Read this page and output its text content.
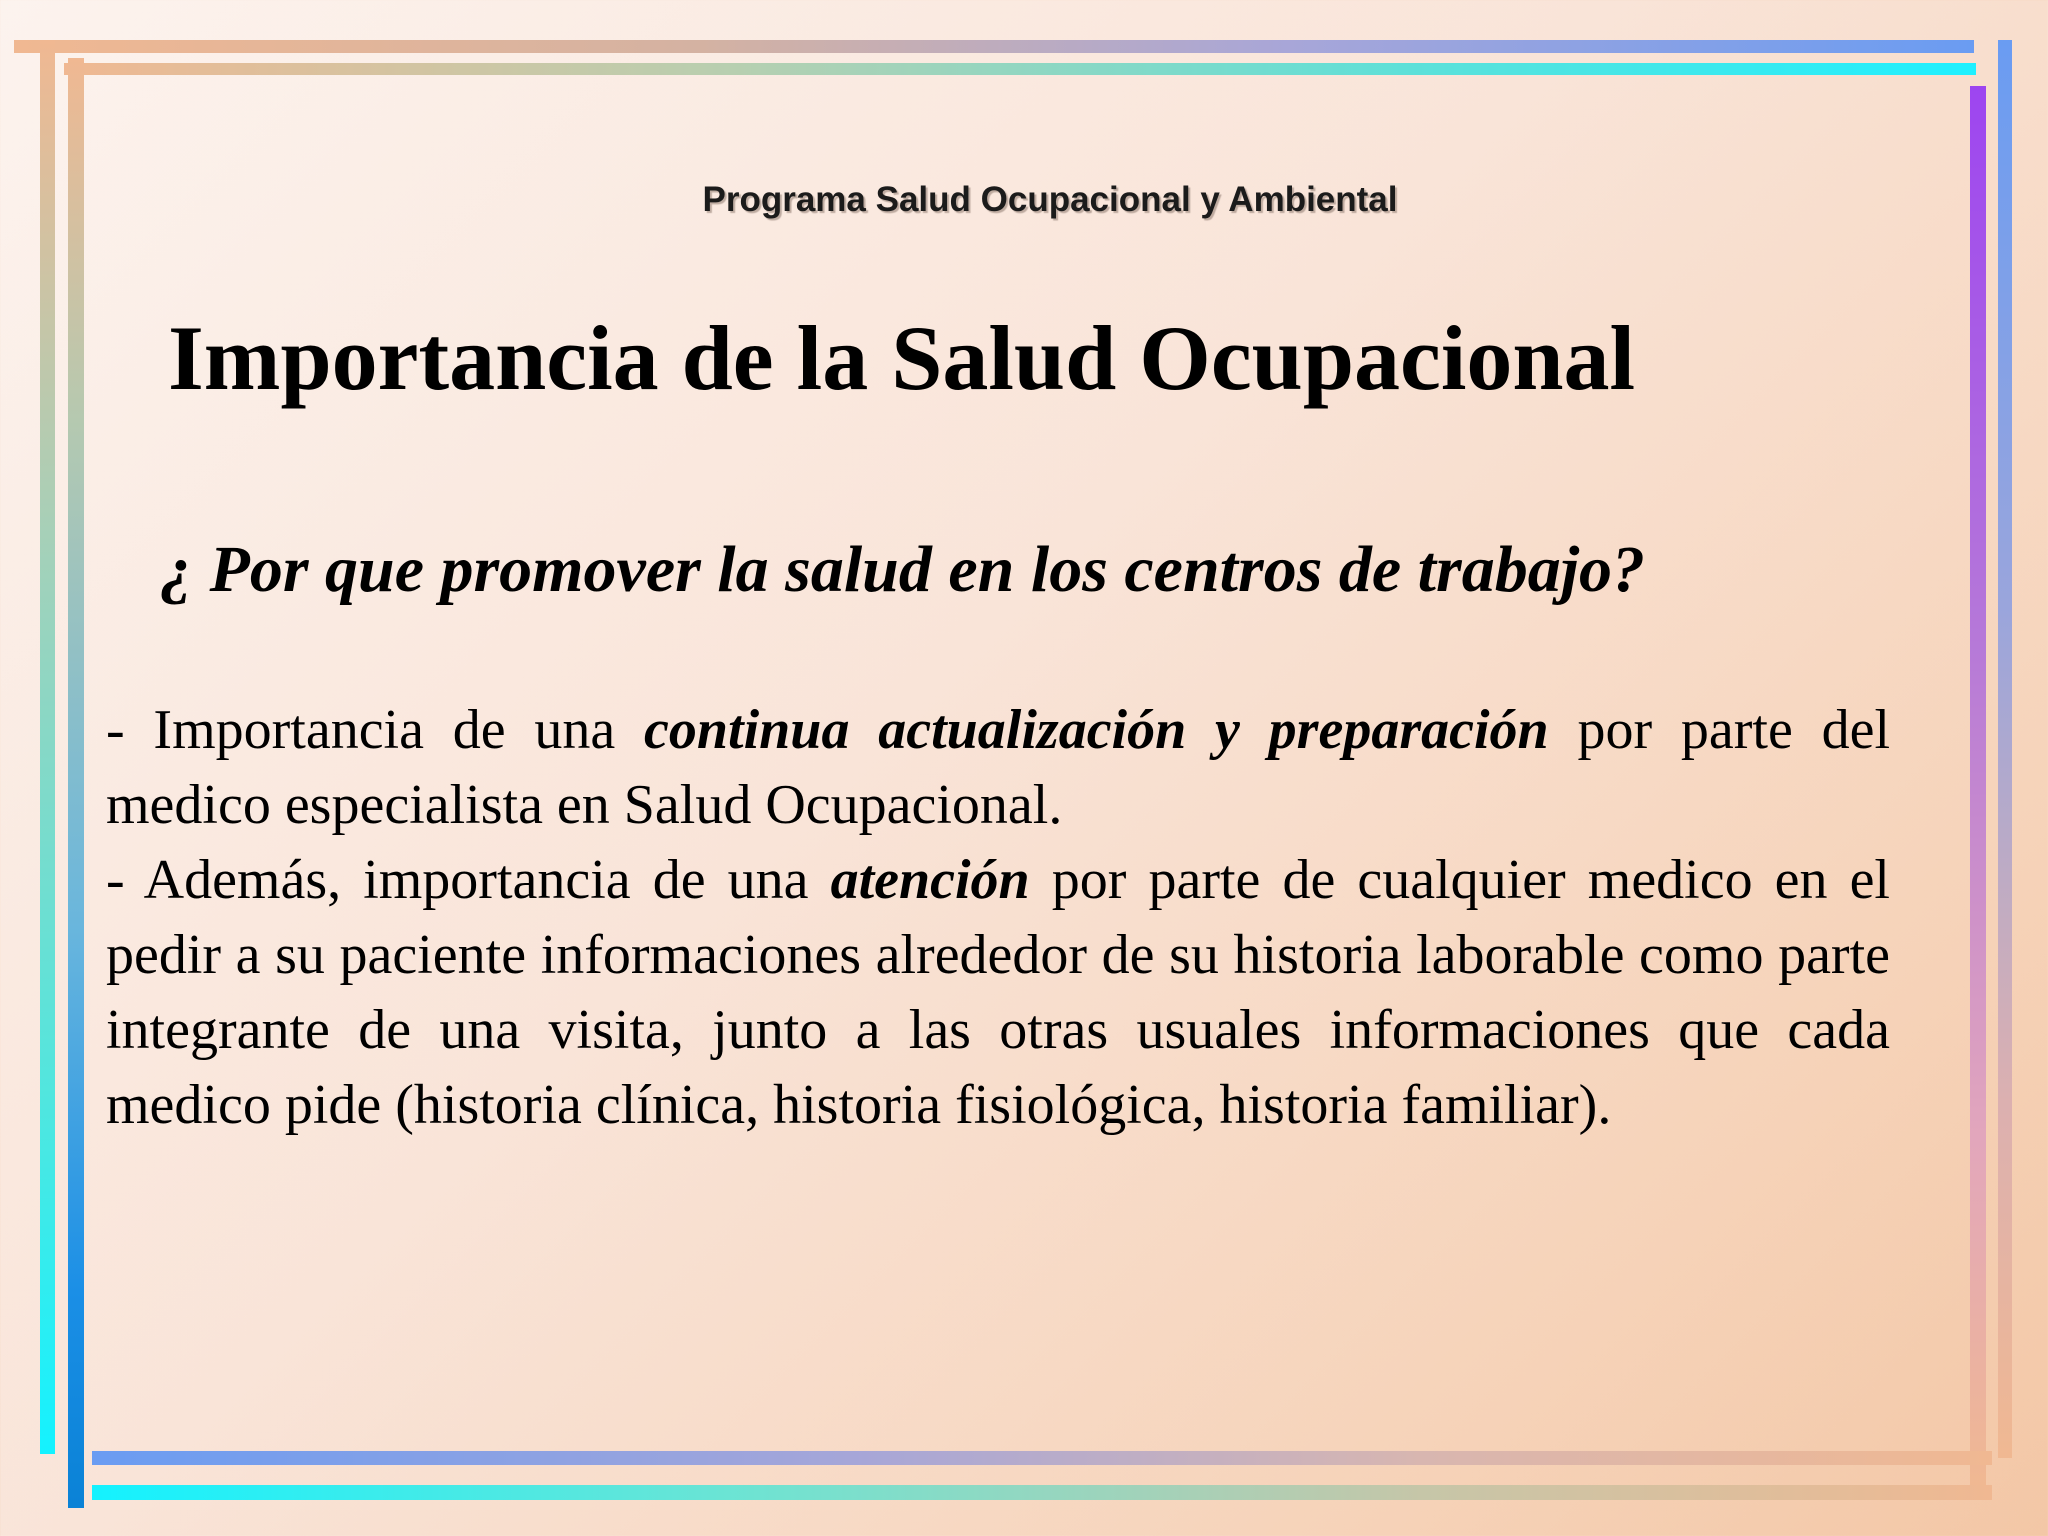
Programa Salud Ocupacional y Ambiental
Importancia de la Salud Ocupacional
¿ Por que promover la salud en los centros de trabajo?

- Importancia de una continua actualización y preparación por parte del medico especialista en Salud Ocupacional.

- Además, importancia de una atención por parte de cualquier medico en el pedir a su paciente informaciones alrededor de su historia laborable como parte integrante de una visita, junto a las otras usuales informaciones que cada medico pide (historia clínica, historia fisiológica, historia familiar).
